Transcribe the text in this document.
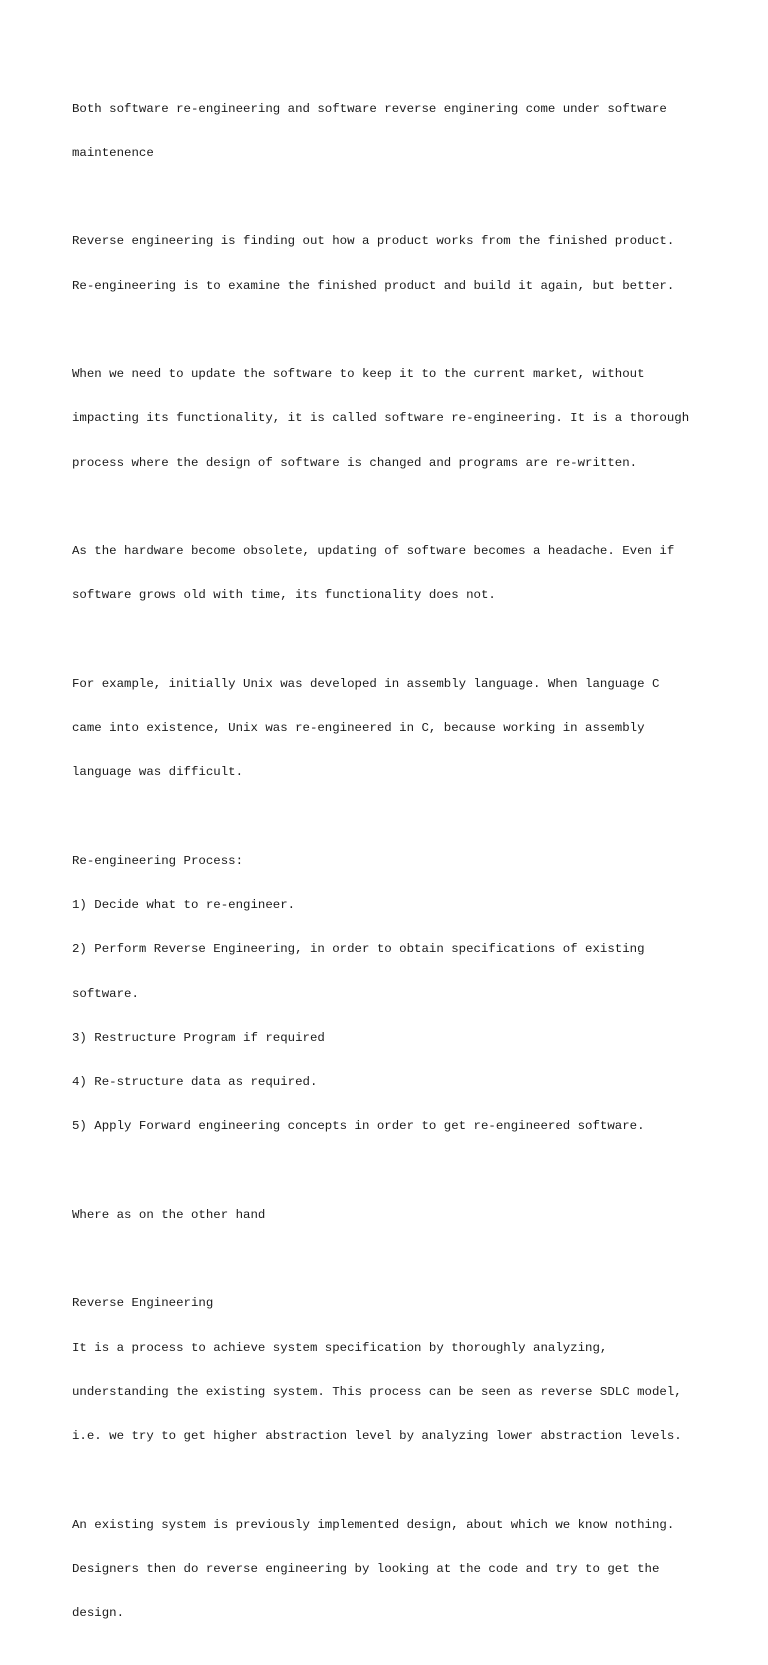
Both software re-engineering and software reverse enginering come under software

maintenence

Reverse engineering is finding out how a product works from the finished product.

Re-engineering is to examine the finished product and build it again, but better.

When we need to update the software to keep it to the current market, without

impacting its functionality, it is called software re-engineering. It is a thorough

process where the design of software is changed and programs are re-written.

As the hardware become obsolete, updating of software becomes a headache. Even if

software grows old with time, its functionality does not.

For example, initially Unix was developed in assembly language. When language C

came into existence, Unix was re-engineered in C, because working in assembly

language was difficult.

Re-engineering Process:

1) Decide what to re-engineer.

2) Perform Reverse Engineering, in order to obtain specifications of existing

software.

3) Restructure Program if required

4) Re-structure data as required.

5) Apply Forward engineering concepts in order to get re-engineered software.

Where as on the other hand

Reverse Engineering

It is a process to achieve system specification by thoroughly analyzing,

understanding the existing system. This process can be seen as reverse SDLC model,

i.e. we try to get higher abstraction level by analyzing lower abstraction levels.

An existing system is previously implemented design, about which we know nothing.

Designers then do reverse engineering by looking at the code and try to get the

design.
